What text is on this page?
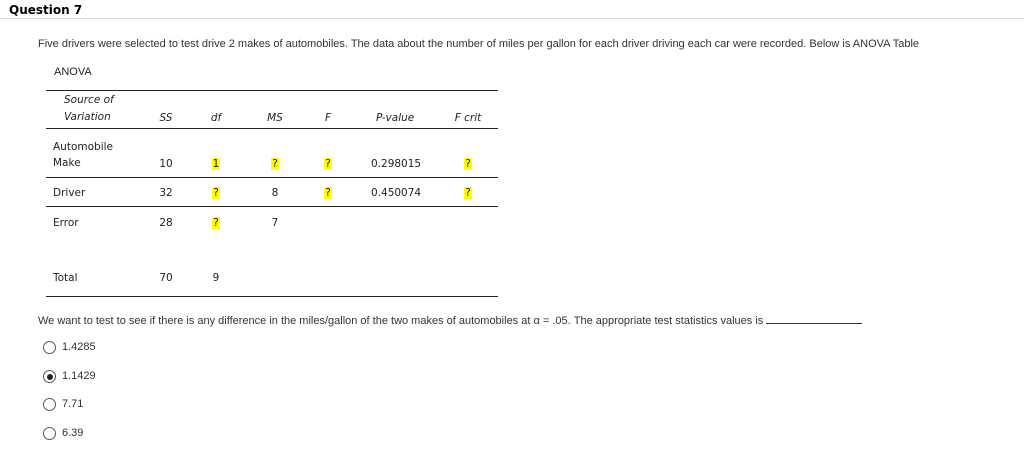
Question 7
Five drivers were selected to test drive 2 makes of automobiles. The data about the number of miles per gallon for each driver driving each car were recorded. Below is ANOVA Table
ANOVA
Source of
Variation	SS	df	MS	F	P-value	F crit
Automobile
Make	10	1	?	?	0.298015	?
Driver	32	?	8	?	0.450074	?
Error	28	?	7
Total	70	9
We want to test to see if there is any difference in the miles/gallon of the two makes of automobiles at α = .05. The appropriate test statistics values is
1.4285
1.1429
7.71
6.39
